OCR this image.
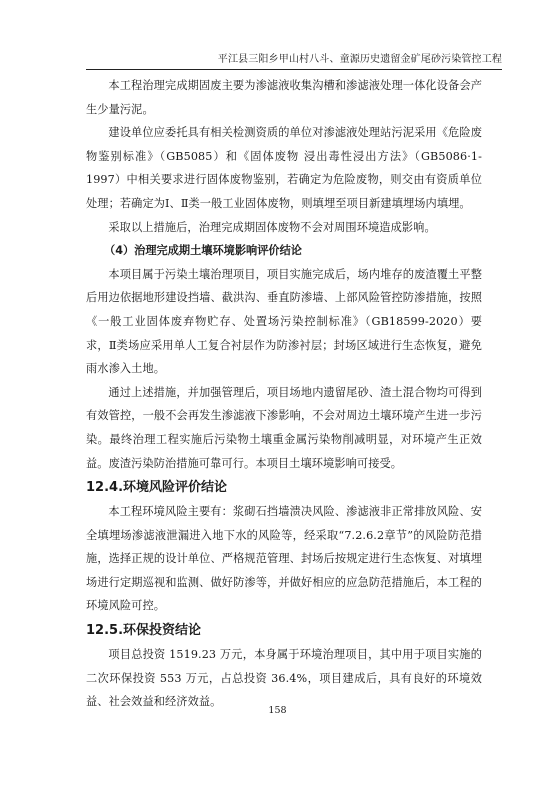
平江县三阳乡甲山村八斗、童源历史遗留金矿尾砂污染管控工程

本工程治理完成期固废主要为渗滤液收集沟槽和渗滤液处理一体化设备会产生少量污泥。

建设单位应委托具有相关检测资质的单位对渗滤液处理站污泥采用《危险废物鉴别标准》（GB5085）和《固体废物 浸出毒性浸出方法》（GB5086·1-1997）中相关要求进行固体废物鉴别，若确定为危险废物，则交由有资质单位处理；若确定为Ⅰ、Ⅱ类一般工业固体废物，则填埋至项目新建填埋场内填埋。

采取以上措施后，治理完成期固体废物不会对周围环境造成影响。

（4）治理完成期土壤环境影响评价结论

本项目属于污染土壤治理项目，项目实施完成后，场内堆存的废渣覆土平整后用边依据地形建设挡墙、截洪沟、垂直防渗墙、上部风险管控防渗措施，按照《一般工业固体废弃物贮存、处置场污染控制标准》（GB18599-2020）要求，Ⅱ类场应采用单人工复合衬层作为防渗衬层；封场区域进行生态恢复，避免雨水渗入土地。

通过上述措施，并加强管理后，项目场地内遗留尾砂、渣土混合物均可得到有效管控，一般不会再发生渗滤液下渗影响，不会对周边土壤环境产生进一步污染。最终治理工程实施后污染物土壤重金属污染物削减明显，对环境产生正效益。废渣污染防治措施可靠可行。本项目土壤环境影响可接受。

12.4.环境风险评价结论

本工程环境风险主要有：浆砌石挡墙溃决风险、渗滤液非正常排放风险、安全填埋场渗滤液泄漏进入地下水的风险等，经采取“7.2.6.2章节”的风险防范措施，选择正规的设计单位、严格规范管理、封场后按规定进行生态恢复、对填埋场进行定期巡视和监测、做好防渗等，并做好相应的应急防范措施后，本工程的环境风险可控。

12.5.环保投资结论

项目总投资 1519.23 万元，本身属于环境治理项目，其中用于项目实施的二次环保投资 553 万元，占总投资 36.4%，项目建成后，具有良好的环境效益、社会效益和经济效益。

158
